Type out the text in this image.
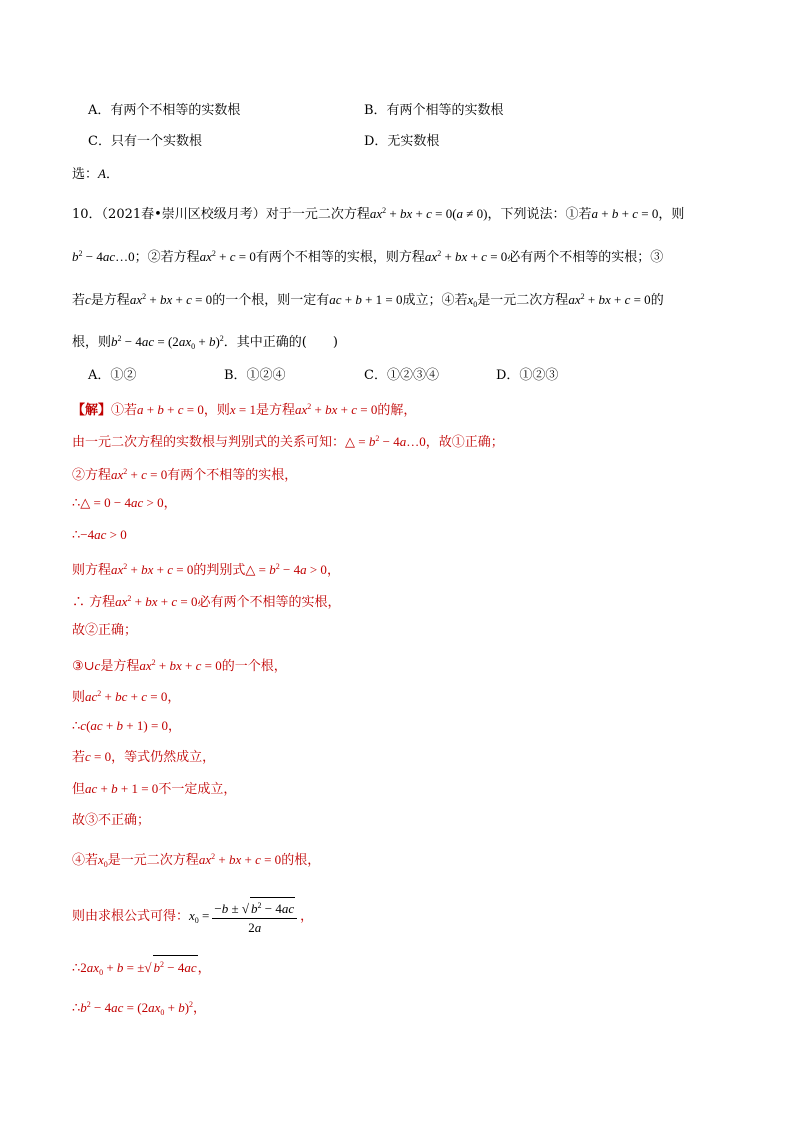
A．有两个不相等的实数根	B．有两个相等的实数根
C．只有一个实数根	D．无实数根
选：A．
10．（2021春•崇川区校级月考）对于一元二次方程$ax^2$ + bx + c = 0(a ≠ 0)，下列说法：①若a + b + c = 0，则
$b^2$ − 4ac…0；②若方程$ax^2 + c = 0$有两个不相等的实根，则方程$ax^2$ + bx + c = 0必有两个不相等的实根；③
若c是方程$ax^2$ + bx + c = 0的一个根，则一定有ac + b + 1 = 0成立；④若$x_0$是一元二次方程$ax^2$ + bx + c = 0的
根，则$b^2 - 4ac = (2ax_0 + b)^2$．其中正确的(　　)
A．①②	B．①②④	C．①②③④	D．①②③
【解】①若a + b + c = 0，则x = 1是方程$ax^2$ + bx + c = 0的解，
由一元二次方程的实数根与判别式的关系可知：△ = $b^2$ − 4a…0，故①正确；
②方程$ax^2 + c = 0$有两个不相等的实根，
∴△ = 0 − 4ac > 0，
∴−4ac > 0
则方程$ax^2$ + bx + c = 0的判别式△ = $b^2 - 4a > 0$，
∴ 方程$ax^2$ + bx + c = 0必有两个不相等的实根，
故②正确；
③∪c是方程$ax^2$ + bx + c = 0的一个根，
则$ac^2$ + bc + c = 0，
∴c(ac + b + 1) = 0，
若c = 0，等式仍然成立，
但ac + b + 1 = 0不一定成立，
故③不正确；
④若$x_0$是一元二次方程$ax^2$ + bx + c = 0的根，
则由求根公式可得：$x_0 = \frac{-b \pm √ b^2 - 4ac}{2a}$ ，
$\therefore 2ax_0 + b$ = ±√ $b^2 - 4ac$，
$\therefore b^2 - 4ac = (2ax_0 + b)^2$，
